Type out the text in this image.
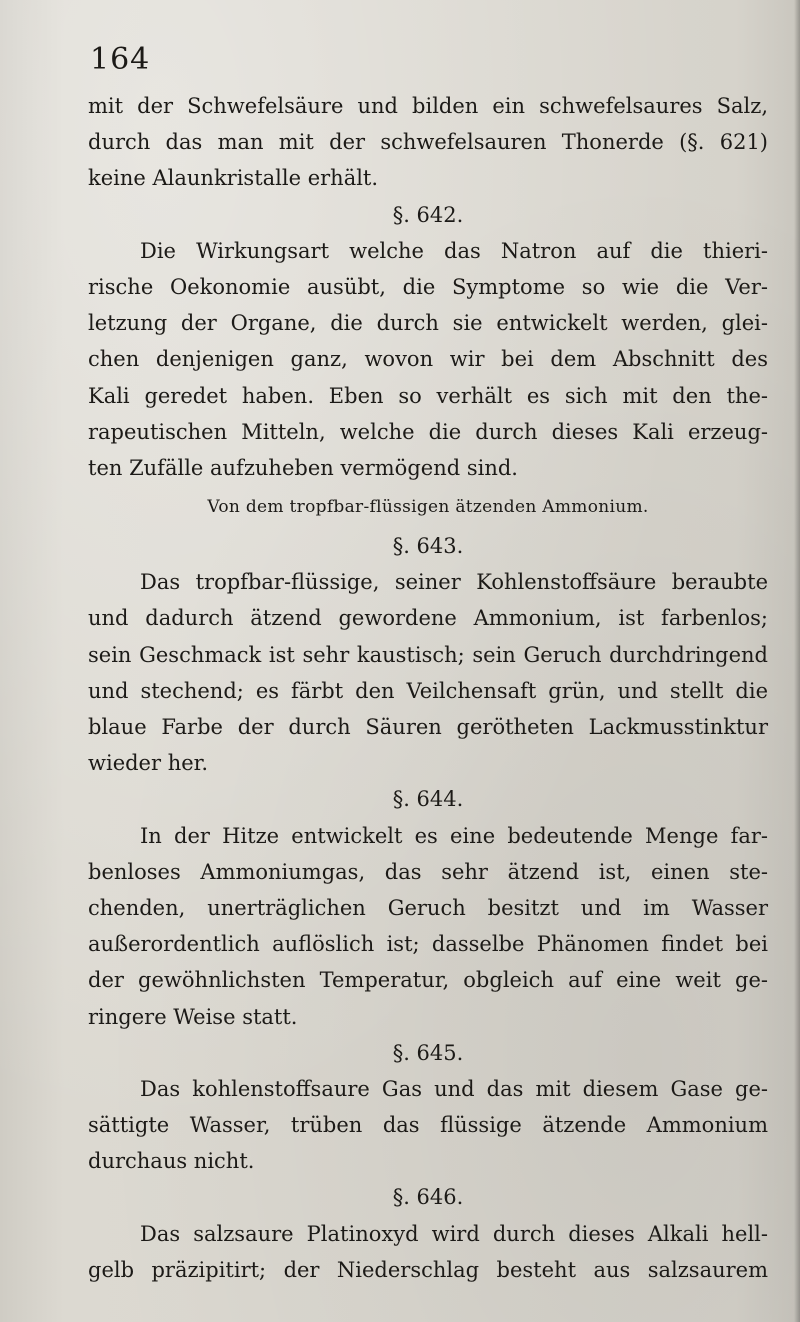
164
mit der Schwefelsäure und bilden ein schwefelsaures Salz,
durch das man mit der schwefelsauren Thonerde (§. 621)
keine Alaunkristalle erhält.
§. 642.
Die Wirkungsart welche das Natron auf die thieri-
rische Oekonomie ausübt, die Symptome so wie die Ver-
letzung der Organe, die durch sie entwickelt werden, glei-
chen denjenigen ganz, wovon wir bei dem Abschnitt des
Kali geredet haben. Eben so verhält es sich mit den the-
rapeutischen Mitteln, welche die durch dieses Kali erzeug-
ten Zufälle aufzuheben vermögend sind.
Von dem tropfbar-flüssigen ätzenden Ammonium.
§. 643.
Das tropfbar-flüssige, seiner Kohlenstoffsäure beraubte
und dadurch ätzend gewordene Ammonium, ist farbenlos;
sein Geschmack ist sehr kaustisch; sein Geruch durchdringend
und stechend; es färbt den Veilchensaft grün, und stellt die
blaue Farbe der durch Säuren gerötheten Lackmusstinktur
wieder her.
§. 644.
In der Hitze entwickelt es eine bedeutende Menge far-
benloses Ammoniumgas, das sehr ätzend ist, einen ste-
chenden, unerträglichen Geruch besitzt und im Wasser
außerordentlich auflöslich ist; dasselbe Phänomen findet bei
der gewöhnlichsten Temperatur, obgleich auf eine weit ge-
ringere Weise statt.
§. 645.
Das kohlenstoffsaure Gas und das mit diesem Gase ge-
sättigte Wasser, trüben das flüssige ätzende Ammonium
durchaus nicht.
§. 646.
Das salzsaure Platinoxyd wird durch dieses Alkali hell-
gelb präzipitirt; der Niederschlag besteht aus salzsaurem
